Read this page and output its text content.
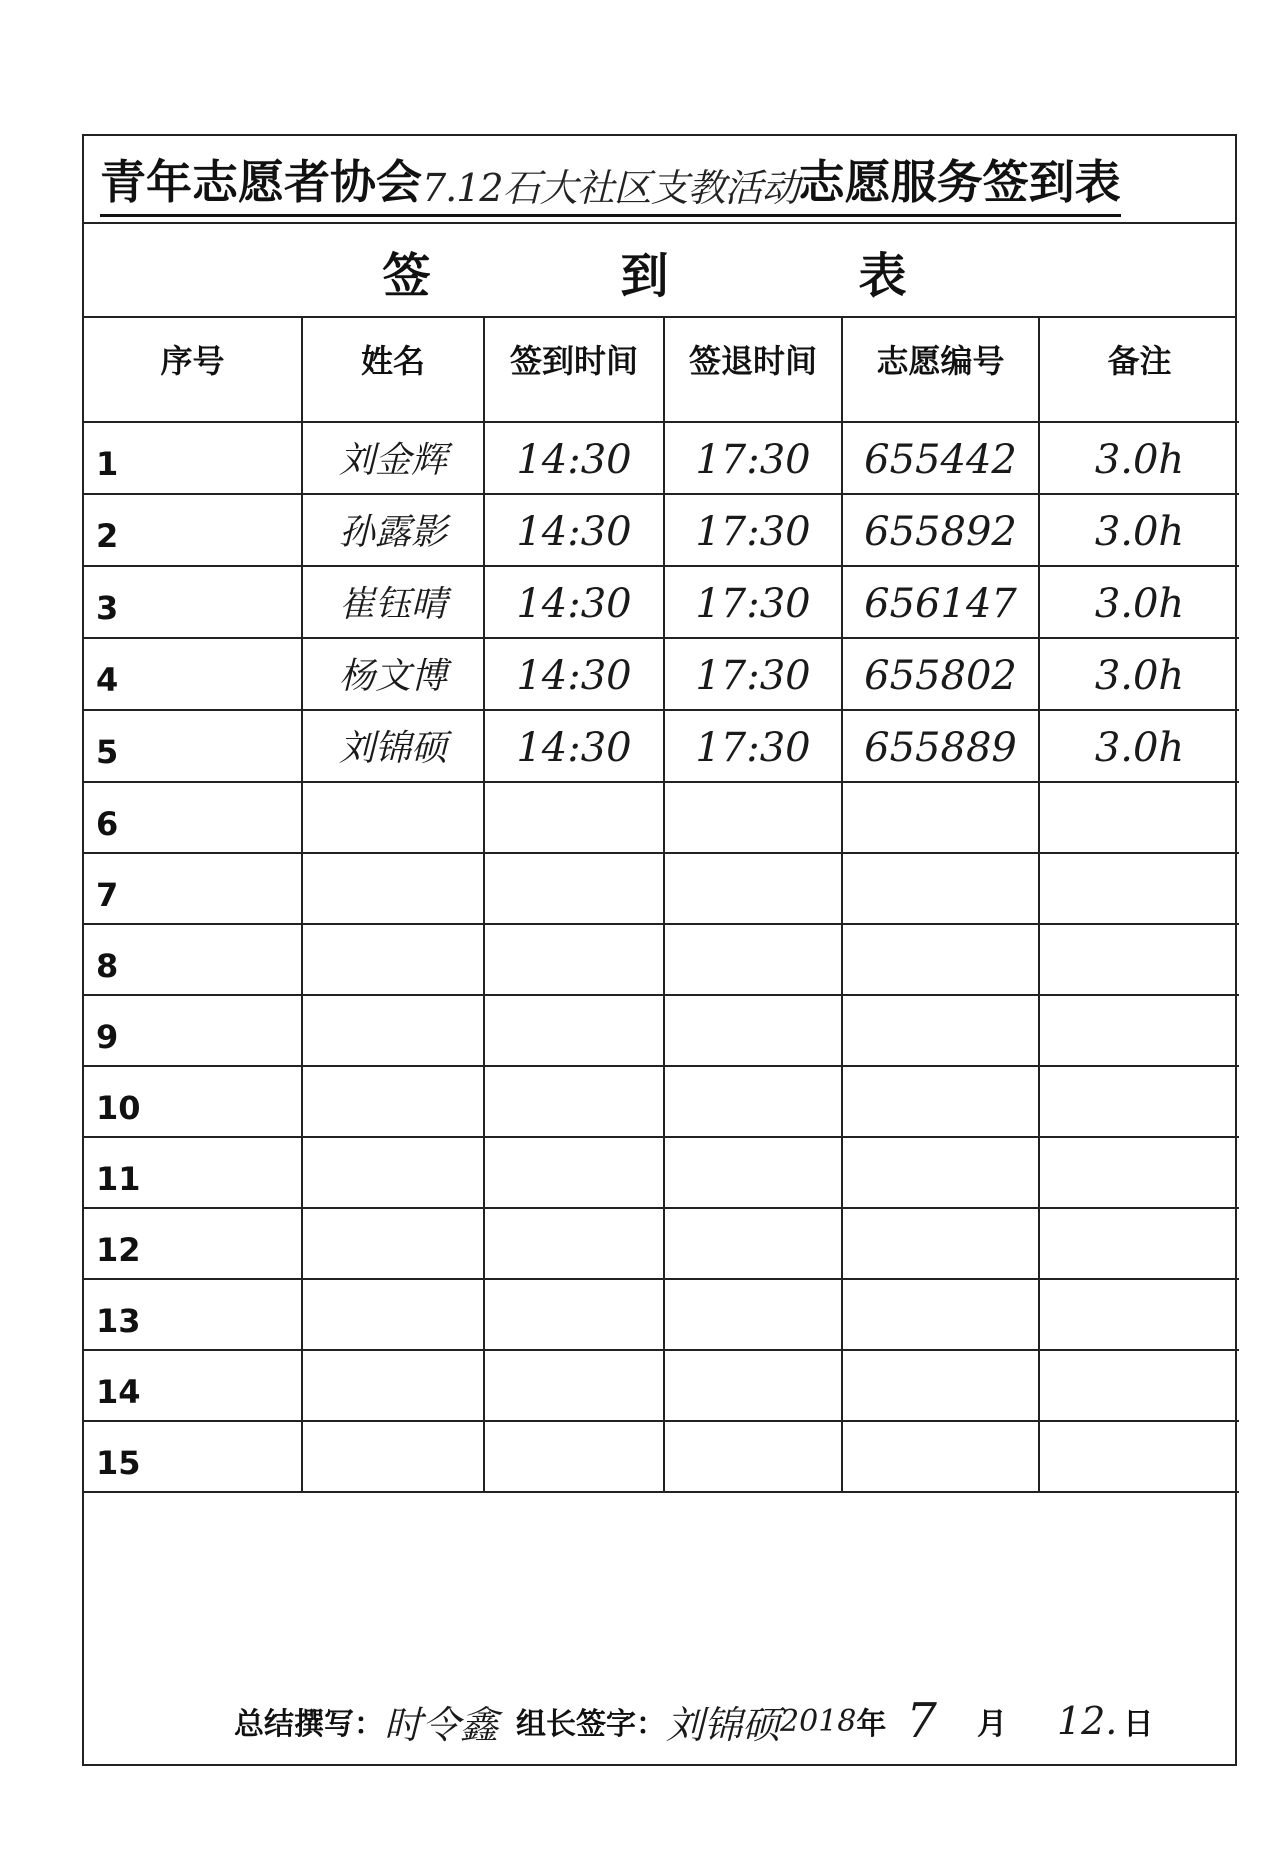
青年志愿者协会 7.12石大社区支教活动 志愿服务签到表
签到表
序号	姓名	签到时间	签退时间	志愿编号	备注
1	刘金辉	14:30	17:30	655442	3.0h
2	孙露影	14:30	17:30	655892	3.0h
3	崔钰晴	14:30	17:30	656147	3.0h
4	杨文博	14:30	17:30	655802	3.0h
5	刘锦硕	14:30	17:30	655889	3.0h
6					
7					
8					
9					
10					
11					
12					
13					
14					
15					
总结撰写： 时令鑫 组长签字： 刘锦硕 2018 年 7 月 12. 日
